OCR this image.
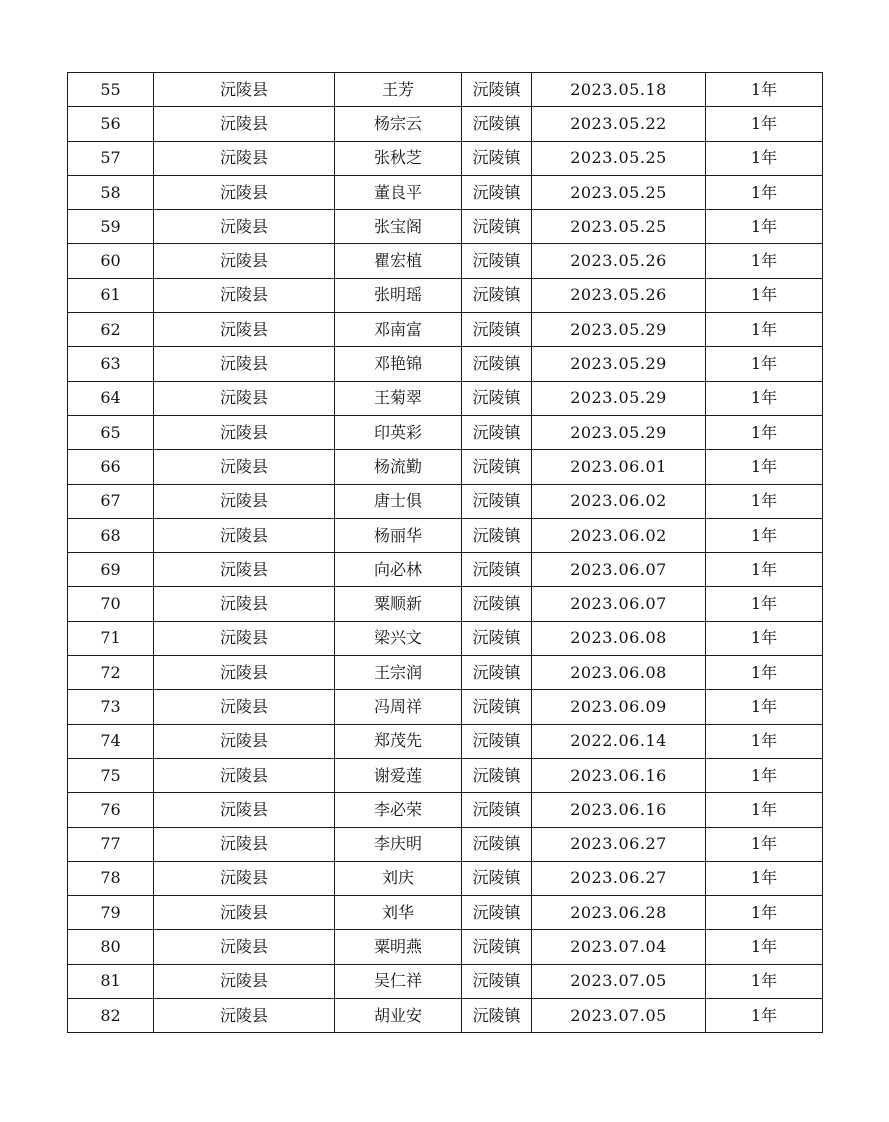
55	沅陵县	王芳	沅陵镇	2023.05.18	1年
56	沅陵县	杨宗云	沅陵镇	2023.05.22	1年
57	沅陵县	张秋芝	沅陵镇	2023.05.25	1年
58	沅陵县	董良平	沅陵镇	2023.05.25	1年
59	沅陵县	张宝阁	沅陵镇	2023.05.25	1年
60	沅陵县	瞿宏植	沅陵镇	2023.05.26	1年
61	沅陵县	张明瑶	沅陵镇	2023.05.26	1年
62	沅陵县	邓南富	沅陵镇	2023.05.29	1年
63	沅陵县	邓艳锦	沅陵镇	2023.05.29	1年
64	沅陵县	王菊翠	沅陵镇	2023.05.29	1年
65	沅陵县	印英彩	沅陵镇	2023.05.29	1年
66	沅陵县	杨流勤	沅陵镇	2023.06.01	1年
67	沅陵县	唐士俱	沅陵镇	2023.06.02	1年
68	沅陵县	杨丽华	沅陵镇	2023.06.02	1年
69	沅陵县	向必林	沅陵镇	2023.06.07	1年
70	沅陵县	粟顺新	沅陵镇	2023.06.07	1年
71	沅陵县	梁兴文	沅陵镇	2023.06.08	1年
72	沅陵县	王宗润	沅陵镇	2023.06.08	1年
73	沅陵县	冯周祥	沅陵镇	2023.06.09	1年
74	沅陵县	郑茂先	沅陵镇	2022.06.14	1年
75	沅陵县	谢爱莲	沅陵镇	2023.06.16	1年
76	沅陵县	李必荣	沅陵镇	2023.06.16	1年
77	沅陵县	李庆明	沅陵镇	2023.06.27	1年
78	沅陵县	刘庆	沅陵镇	2023.06.27	1年
79	沅陵县	刘华	沅陵镇	2023.06.28	1年
80	沅陵县	粟明燕	沅陵镇	2023.07.04	1年
81	沅陵县	吴仁祥	沅陵镇	2023.07.05	1年
82	沅陵县	胡业安	沅陵镇	2023.07.05	1年
